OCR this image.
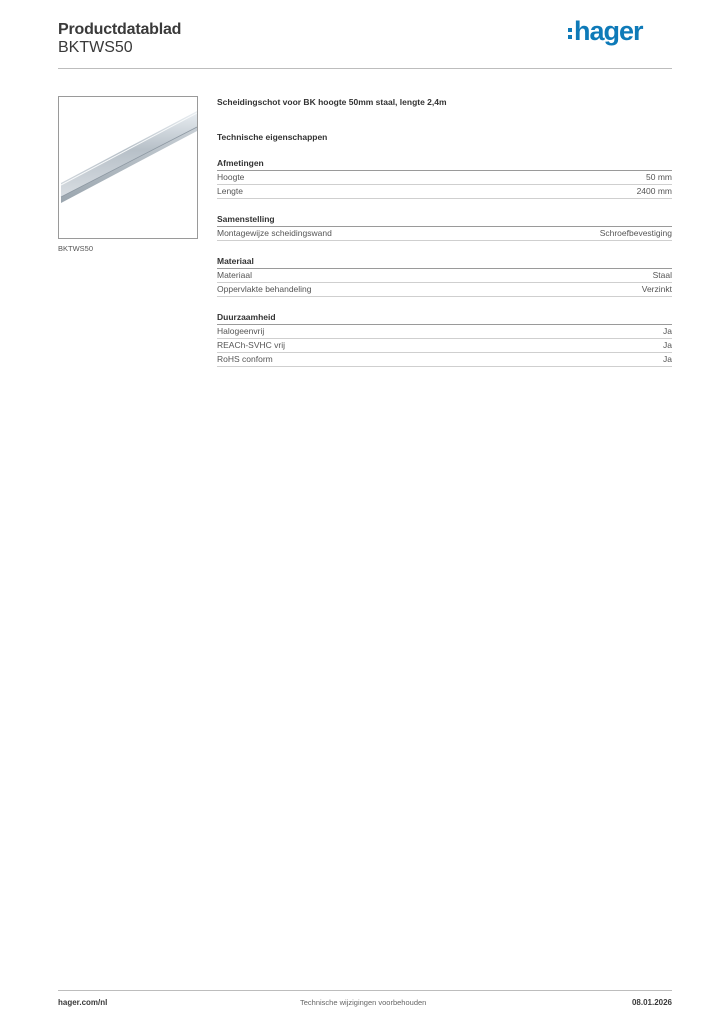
Productdatablad
BKTWS50
hager
BKTWS50
Scheidingschot voor BK hoogte 50mm staal, lengte 2,4m
Technische eigenschappen
Afmetingen
Hoogte	50 mm
Lengte	2400 mm
Samenstelling
Montagewijze scheidingswand	Schroefbevestiging
Materiaal
Materiaal	Staal
Oppervlakte behandeling	Verzinkt
Duurzaamheid
Halogeenvrij	Ja
REACh-SVHC vrij	Ja
RoHS conform	Ja
hager.com/nl	Technische wijzigingen voorbehouden	08.01.2026
